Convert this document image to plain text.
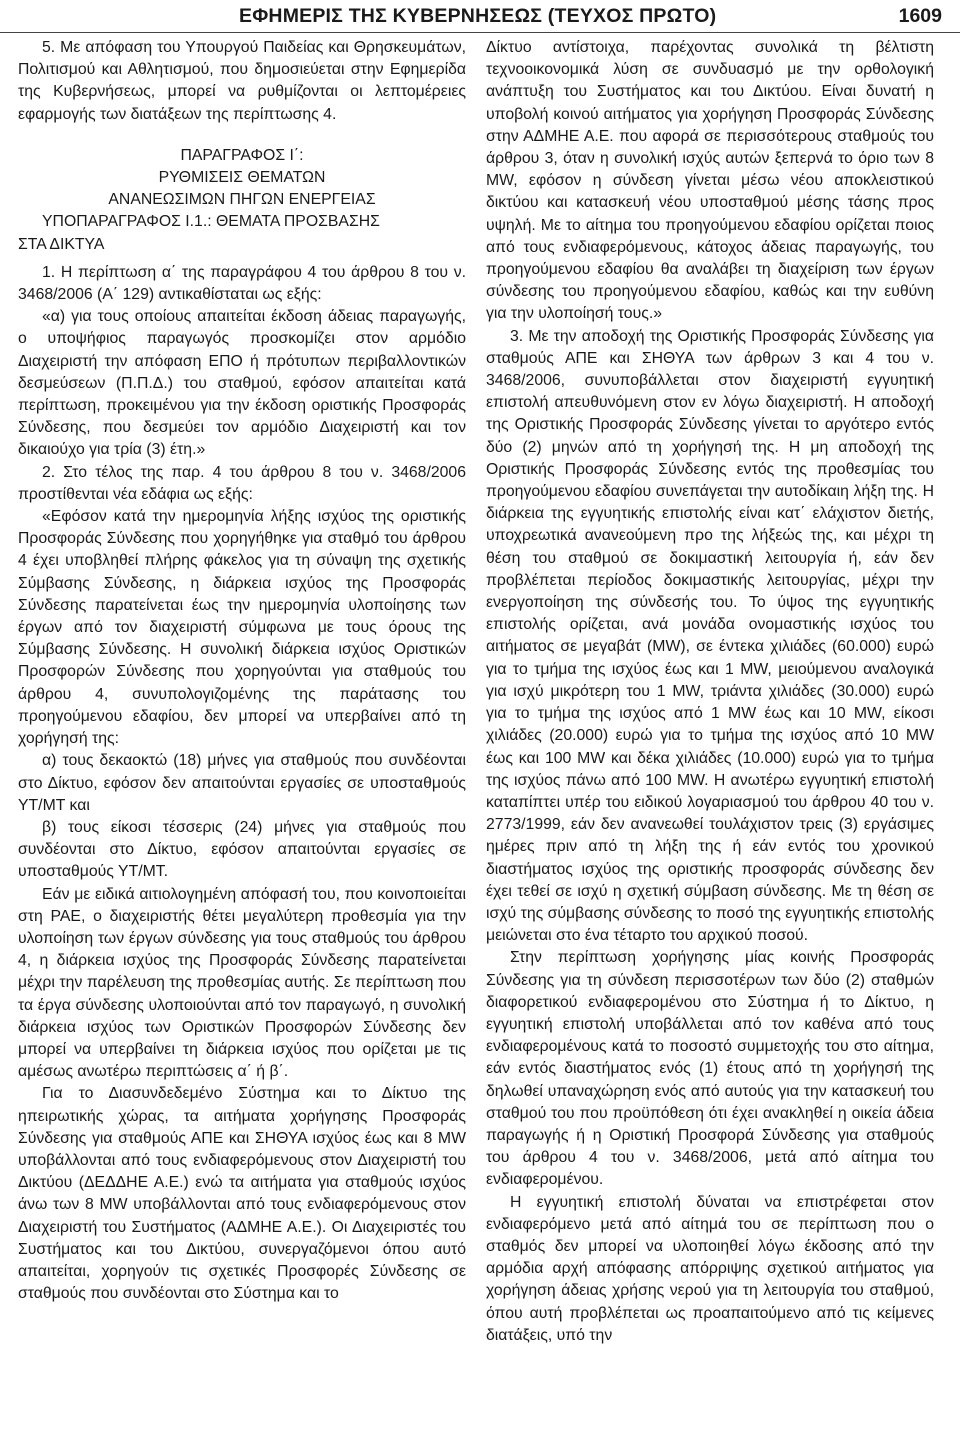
ΕΦΗΜΕΡΙΣ ΤΗΣ ΚΥΒΕΡΝΗΣΕΩΣ (ΤΕΥΧΟΣ ΠΡΩΤΟ)	1609

5. Με απόφαση του Υπουργού Παιδείας και Θρησκευμάτων, Πολιτισμού και Αθλητισμού, που δημοσιεύεται στην Εφημερίδα της Κυβερνήσεως, μπορεί να ρυθμίζονται οι λεπτομέρειες εφαρμογής των διατάξεων της περίπτωσης 4.

ΠΑΡΑΓΡΑΦΟΣ Ι΄:

ΡΥΘΜΙΣΕΙΣ ΘΕΜΑΤΩΝ

ΑΝΑΝΕΩΣΙΜΩΝ ΠΗΓΩΝ ΕΝΕΡΓΕΙΑΣ

ΥΠΟΠΑΡΑΓΡΑΦΟΣ Ι.1.: ΘΕΜΑΤΑ ΠΡΟΣΒΑΣΗΣ
ΣΤΑ ΔΙΚΤΥΑ

1. Η περίπτωση α΄ της παραγράφου 4 του άρθρου 8 του ν. 3468/2006 (Α΄ 129) αντικαθίσταται ως εξής:

«α) για τους οποίους απαιτείται έκδοση άδειας παραγωγής, ο υποψήφιος παραγωγός προσκομίζει στον αρμόδιο Διαχειριστή την απόφαση ΕΠΟ ή πρότυπων περιβαλλοντικών δεσμεύσεων (Π.Π.Δ.) του σταθμού, εφόσον απαιτείται κατά περίπτωση, προκειμένου για την έκδοση οριστικής Προσφοράς Σύνδεσης, που δεσμεύει τον αρμόδιο Διαχειριστή και τον δικαιούχο για τρία (3) έτη.»

2. Στο τέλος της παρ. 4 του άρθρου 8 του ν. 3468/2006 προστίθενται νέα εδάφια ως εξής:

«Εφόσον κατά την ημερομηνία λήξης ισχύος της οριστικής Προσφοράς Σύνδεσης που χορηγήθηκε για σταθμό του άρθρου 4 έχει υποβληθεί πλήρης φάκελος για τη σύναψη της σχετικής Σύμβασης Σύνδεσης, η διάρκεια ισχύος της Προσφοράς Σύνδεσης παρατείνεται έως την ημερομηνία υλοποίησης των έργων από τον διαχειριστή σύμφωνα με τους όρους της Σύμβασης Σύνδεσης. Η συνολική διάρκεια ισχύος Οριστικών Προσφορών Σύνδεσης που χορηγούνται για σταθμούς του άρθρου 4, συνυπολογιζομένης της παράτασης του προηγούμενου εδαφίου, δεν μπορεί να υπερβαίνει από τη χορήγησή της:

α) τους δεκαοκτώ (18) μήνες για σταθμούς που συνδέονται στο Δίκτυο, εφόσον δεν απαιτούνται εργασίες σε υποσταθμούς ΥΤ/ΜΤ και

β) τους είκοσι τέσσερις (24) μήνες για σταθμούς που συνδέονται στο Δίκτυο, εφόσον απαιτούνται εργασίες σε υποσταθμούς ΥΤ/ΜΤ.

Εάν με ειδικά αιτιολογημένη απόφασή του, που κοινοποιείται στη ΡΑΕ, ο διαχειριστής θέτει μεγαλύτερη προθεσμία για την υλοποίηση των έργων σύνδεσης για τους σταθμούς του άρθρου 4, η διάρκεια ισχύος της Προσφοράς Σύνδεσης παρατείνεται μέχρι την παρέλευση της προθεσμίας αυτής. Σε περίπτωση που τα έργα σύνδεσης υλοποιούνται από τον παραγωγό, η συνολική διάρκεια ισχύος των Οριστικών Προσφορών Σύνδεσης δεν μπορεί να υπερβαίνει τη διάρκεια ισχύος που ορίζεται με τις αμέσως ανωτέρω περιπτώσεις α΄ ή β΄.

Για το Διασυνδεδεμένο Σύστημα και το Δίκτυο της ηπειρωτικής χώρας, τα αιτήματα χορήγησης Προσφοράς Σύνδεσης για σταθμούς ΑΠΕ και ΣΗΘΥΑ ισχύος έως και 8 MW υποβάλλονται από τους ενδιαφερόμενους στον Διαχειριστή του Δικτύου (ΔΕΔΔΗΕ Α.Ε.) ενώ τα αιτήματα για σταθμούς ισχύος άνω των 8 MW υποβάλλονται από τους ενδιαφερόμενους στον Διαχειριστή του Συστήματος (ΑΔΜΗΕ Α.Ε.). Οι Διαχειριστές του Συστήματος και του Δικτύου, συνεργαζόμενοι όπου αυτό απαιτείται, χορηγούν τις σχετικές Προσφορές Σύνδεσης σε σταθμούς που συνδέονται στο Σύστημα και το

Δίκτυο αντίστοιχα, παρέχοντας συνολικά τη βέλτιστη τεχνοοικονομικά λύση σε συνδυασμό με την ορθολογική ανάπτυξη του Συστήματος και του Δικτύου. Είναι δυνατή η υποβολή κοινού αιτήματος για χορήγηση Προσφοράς Σύνδεσης στην ΑΔΜΗΕ Α.Ε. που αφορά σε περισσότερους σταθμούς του άρθρου 3, όταν η συνολική ισχύς αυτών ξεπερνά το όριο των 8 MW, εφόσον η σύνδεση γίνεται μέσω νέου αποκλειστικού δικτύου και κατασκευή νέου υποσταθμού μέσης τάσης προς υψηλή. Με το αίτημα του προηγούμενου εδαφίου ορίζεται ποιος από τους ενδιαφερόμενους, κάτοχος άδειας παραγωγής, του προηγούμενου εδαφίου θα αναλάβει τη διαχείριση των έργων σύνδεσης του προηγούμενου εδαφίου, καθώς και την ευθύνη για την υλοποίησή τους.»

3. Με την αποδοχή της Οριστικής Προσφοράς Σύνδεσης για σταθμούς ΑΠΕ και ΣΗΘΥΑ των άρθρων 3 και 4 του ν. 3468/2006, συνυποβάλλεται στον διαχειριστή εγγυητική επιστολή απευθυνόμενη στον εν λόγω διαχειριστή. Η αποδοχή της Οριστικής Προσφοράς Σύνδεσης γίνεται το αργότερο εντός δύο (2) μηνών από τη χορήγησή της. Η μη αποδοχή της Οριστικής Προσφοράς Σύνδεσης εντός της προθεσμίας του προηγούμενου εδαφίου συνεπάγεται την αυτοδίκαιη λήξη της. Η διάρκεια της εγγυητικής επιστολής είναι κατ΄ ελάχιστον διετής, υποχρεωτικά ανανεούμενη προ της λήξεώς της, και μέχρι τη θέση του σταθμού σε δοκιμαστική λειτουργία ή, εάν δεν προβλέπεται περίοδος δοκιμαστικής λειτουργίας, μέχρι την ενεργοποίηση της σύνδεσής του. Το ύψος της εγγυητικής επιστολής ορίζεται, ανά μονάδα ονομαστικής ισχύος του αιτήματος σε μεγαβάτ (MW), σε έντεκα χιλιάδες (60.000) ευρώ για το τμήμα της ισχύος έως και 1 MW, μειούμενου αναλογικά για ισχύ μικρότερη του 1 MW, τριάντα χιλιάδες (30.000) ευρώ για το τμήμα της ισχύος από 1 MW έως και 10 MW, είκοσι χιλιάδες (20.000) ευρώ για το τμήμα της ισχύος από 10 MW έως και 100 MW και δέκα χιλιάδες (10.000) ευρώ για το τμήμα της ισχύος πάνω από 100 MW. Η ανωτέρω εγγυητική επιστολή καταπίπτει υπέρ του ειδικού λογαριασμού του άρθρου 40 του ν. 2773/1999, εάν δεν ανανεωθεί τουλάχιστον τρεις (3) εργάσιμες ημέρες πριν από τη λήξη της ή εάν εντός του χρονικού διαστήματος ισχύος της οριστικής προσφοράς σύνδεσης δεν έχει τεθεί σε ισχύ η σχετική σύμβαση σύνδεσης. Με τη θέση σε ισχύ της σύμβασης σύνδεσης το ποσό της εγγυητικής επιστολής μειώνεται στο ένα τέταρτο του αρχικού ποσού.

Στην περίπτωση χορήγησης μίας κοινής Προσφοράς Σύνδεσης για τη σύνδεση περισσοτέρων των δύο (2) σταθμών διαφορετικού ενδιαφερομένου στο Σύστημα ή το Δίκτυο, η εγγυητική επιστολή υποβάλλεται από τον καθένα από τους ενδιαφερομένους κατά το ποσοστό συμμετοχής του στο αίτημα, εάν εντός διαστήματος ενός (1) έτους από τη χορήγησή της δηλωθεί υπαναχώρηση ενός από αυτούς για την κατασκευή του σταθμού του που προϋπόθεση ότι έχει ανακληθεί η οικεία άδεια παραγωγής ή η Οριστική Προσφορά Σύνδεσης για σταθμούς του άρθρου 4 του ν. 3468/2006, μετά από αίτημα του ενδιαφερομένου.

Η εγγυητική επιστολή δύναται να επιστρέφεται στον ενδιαφερόμενο μετά από αίτημά του σε περίπτωση που ο σταθμός δεν μπορεί να υλοποιηθεί λόγω έκδοσης από την αρμόδια αρχή απόφασης απόρριψης σχετικού αιτήματος για χορήγηση άδειας χρήσης νερού για τη λειτουργία του σταθμού, όπου αυτή προβλέπεται ως προαπαιτούμενο από τις κείμενες διατάξεις, υπό την
